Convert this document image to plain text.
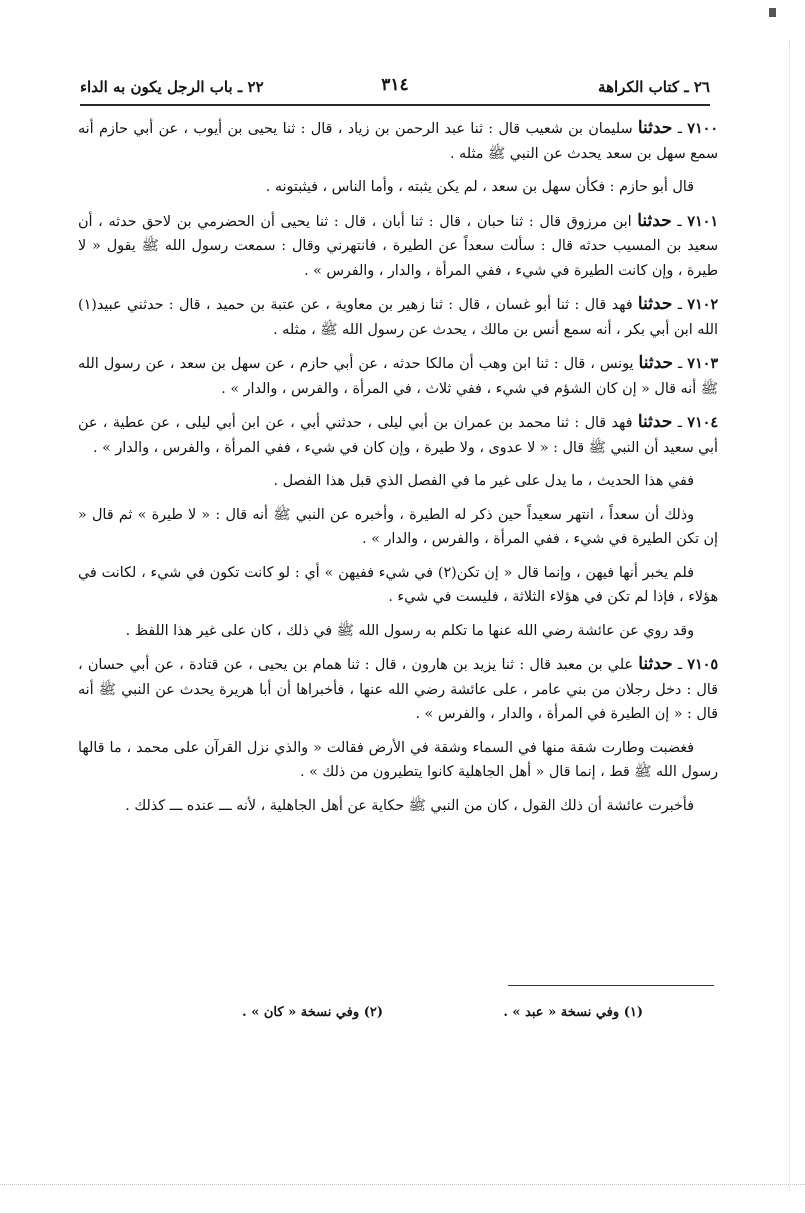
٢٦ ـ كتاب الكراهة
٣١٤
٢٢ ـ باب الرجل يكون به الداء

٧١٠٠ ـ حدثنا سليمان بن شعيب قال : ثنا عبد الرحمن بن زياد ، قال : ثنا يحيى بن أيوب ، عن أبي حازم أنه سمع سهل بن سعد يحدث عن النبي ﷺ مثله .

قال أبو حازم : فكأن سهل بن سعد ، لم يكن يثبته ، وأما الناس ، فيثبتونه .

٧١٠١ ـ حدثنا ابن مرزوق قال : ثنا حبان ، قال : ثنا أبان ، قال : ثنا يحيى أن الحضرمي بن لاحق حدثه ، أن سعيد بن المسيب حدثه قال : سألت سعداً عن الطيرة ، فانتهرني وقال : سمعت رسول الله ﷺ يقول « لا طيرة ، وإن كانت الطيرة في شيء ، ففي المرأة ، والدار ، والفرس » .

٧١٠٢ ـ حدثنا فهد قال : ثنا أبو غسان ، قال : ثنا زهير بن معاوية ، عن عتبة بن حميد ، قال : حدثني عبيد(١) الله ابن أبي بكر ، أنه سمع أنس بن مالك ، يحدث عن رسول الله ﷺ ، مثله .

٧١٠٣ ـ حدثنا يونس ، قال : ثنا ابن وهب أن مالكا حدثه ، عن أبي حازم ، عن سهل بن سعد ، عن رسول الله ﷺ أنه قال « إن كان الشؤم في شيء ، ففي ثلاث ، في المرأة ، والفرس ، والدار » .

٧١٠٤ ـ حدثنا فهد قال : ثنا محمد بن عمران بن أبي ليلى ، حدثني أبي ، عن ابن أبي ليلى ، عن عطية ، عن أبي سعيد أن النبي ﷺ قال : « لا عدوى ، ولا طيرة ، وإن كان في شيء ، ففي المرأة ، والفرس ، والدار » .

ففي هذا الحديث ، ما يدل على غير ما في الفصل الذي قبل هذا الفصل .

وذلك أن سعداً ، انتهر سعيداً حين ذكر له الطيرة ، وأخبره عن النبي ﷺ أنه قال : « لا طيرة » ثم قال « إن تكن الطيرة في شيء ، ففي المرأة ، والفرس ، والدار » .

فلم يخبر أنها فيهن ، وإنما قال « إن تكن(٢) في شيء ففيهن » أي : لو كانت تكون في شيء ، لكانت في هؤلاء ، فإذا لم تكن في هؤلاء الثلاثة ، فليست في شيء .

وقد روي عن عائشة رضي الله عنها ما تكلم به رسول الله ﷺ في ذلك ، كان على غير هذا اللفظ .

٧١٠٥ ـ حدثنا علي بن معبد قال : ثنا يزيد بن هارون ، قال : ثنا همام بن يحيى ، عن قتادة ، عن أبي حسان ، قال : دخل رجلان من بني عامر ، على عائشة رضي الله عنها ، فأخبراها أن أبا هريرة يحدث عن النبي ﷺ أنه قال : « إن الطيرة في المرأة ، والدار ، والفرس » .

فغضبت وطارت شقة منها في السماء وشقة في الأرض فقالت « والذي نزل القرآن على محمد ، ما قالها رسول الله ﷺ قط ، إنما قال « أهل الجاهلية كانوا يتطيرون من ذلك » .

فأخبرت عائشة أن ذلك القول ، كان من النبي ﷺ حكاية عن أهل الجاهلية ، لأنه ـــ عنده ـــ كذلك .

(١) وفي نسخة « عبد » .
(٢) وفي نسخة « كان » .
